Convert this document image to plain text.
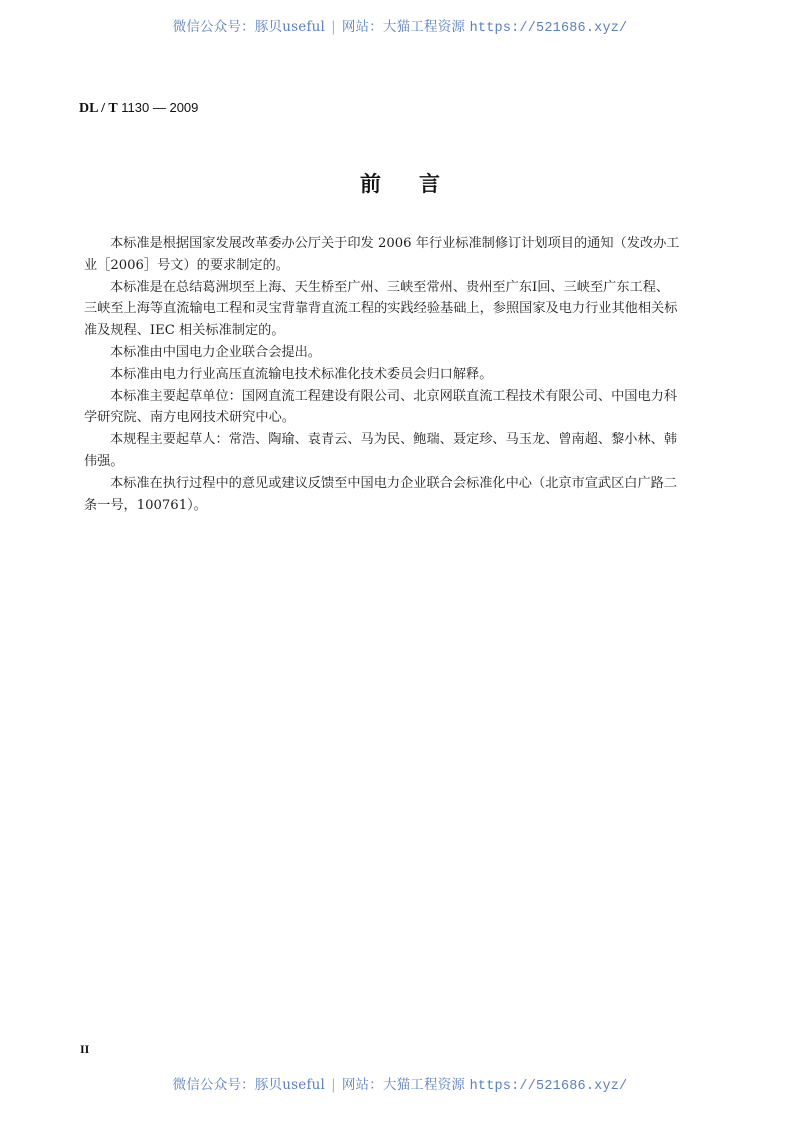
微信公众号：豚贝useful | 网站：大猫工程资源 https://521686.xyz/
DL / T 1130 — 2009
前言
本标准是根据国家发展改革委办公厅关于印发 2006 年行业标准制修订计划项目的通知（发改办工
业［2006］号文）的要求制定的。
本标准是在总结葛洲坝至上海、天生桥至广州、三峡至常州、贵州至广东Ⅰ回、三峡至广东工程、
三峡至上海等直流输电工程和灵宝背靠背直流工程的实践经验基础上，参照国家及电力行业其他相关标
准及规程、IEC 相关标准制定的。
本标准由中国电力企业联合会提出。
本标准由电力行业高压直流输电技术标准化技术委员会归口解释。
本标准主要起草单位：国网直流工程建设有限公司、北京网联直流工程技术有限公司、中国电力科
学研究院、南方电网技术研究中心。
本规程主要起草人：常浩、陶瑜、袁青云、马为民、鲍瑞、聂定珍、马玉龙、曾南超、黎小林、韩
伟强。
本标准在执行过程中的意见或建议反馈至中国电力企业联合会标准化中心（北京市宣武区白广路二
条一号，100761）。
II
微信公众号：豚贝useful | 网站：大猫工程资源 https://521686.xyz/
